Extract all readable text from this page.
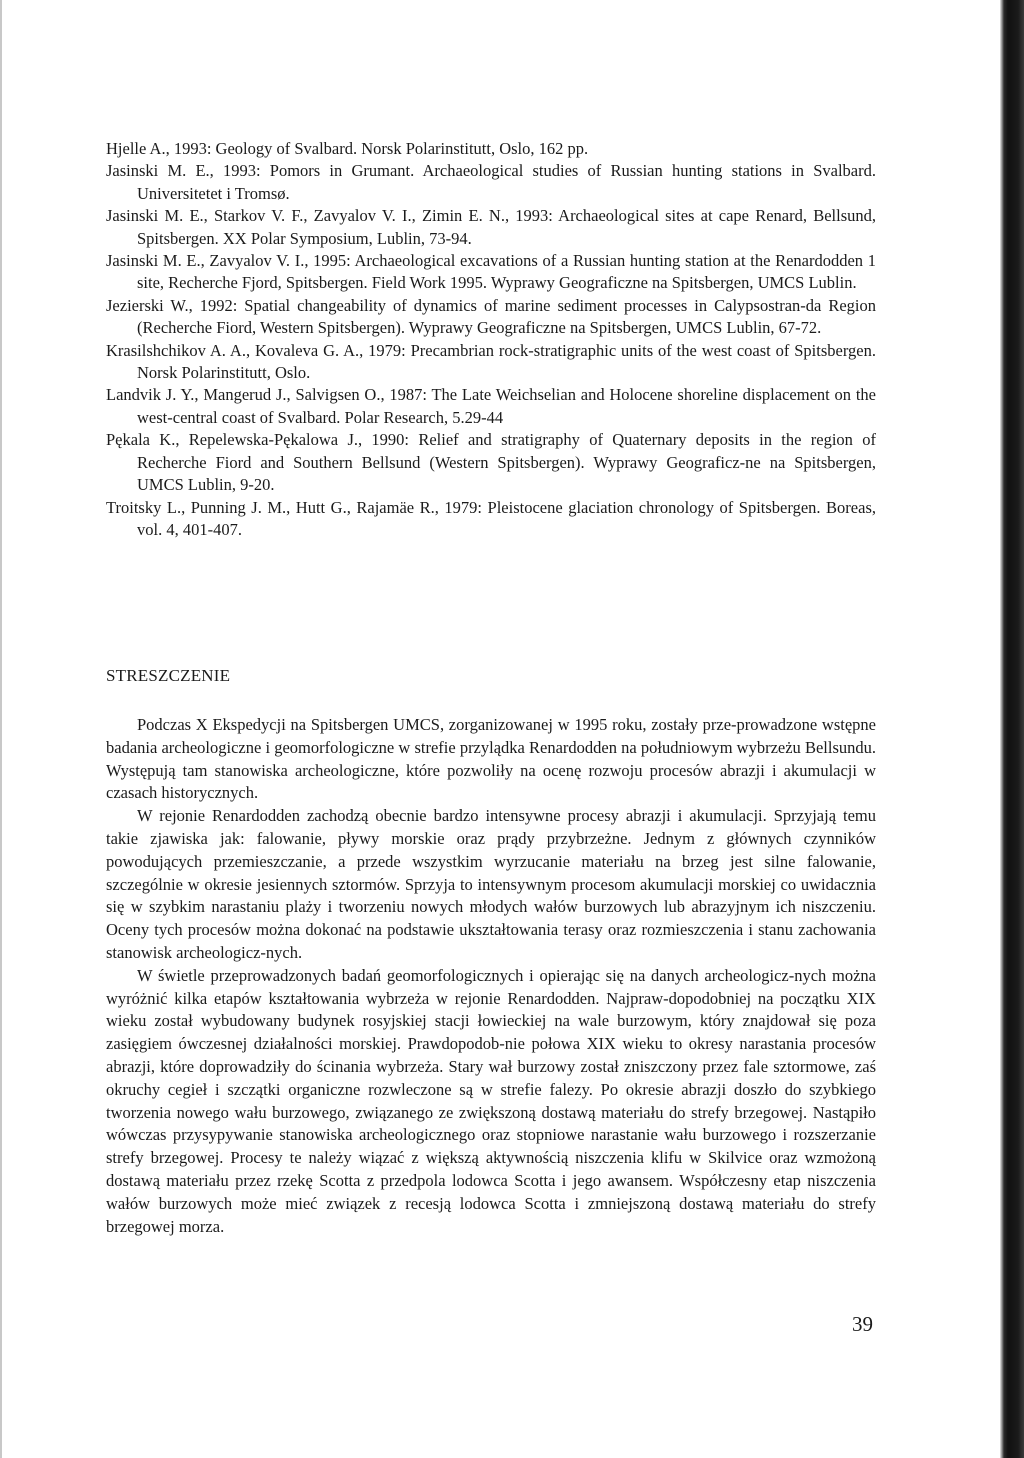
Hjelle A., 1993: Geology of Svalbard. Norsk Polarinstitutt, Oslo, 162 pp.

Jasinski M. E., 1993: Pomors in Grumant. Archaeological studies of Russian hunting stations in Svalbard. Universitetet i Tromsø.

Jasinski M. E., Starkov V. F., Zavyalov V. I., Zimin E. N., 1993: Archaeological sites at cape Renard, Bellsund, Spitsbergen. XX Polar Symposium, Lublin, 73-94.

Jasinski M. E., Zavyalov V. I., 1995: Archaeological excavations of a Russian hunting station at the Renardodden 1 site, Recherche Fjord, Spitsbergen. Field Work 1995. Wyprawy Geograficzne na Spitsbergen, UMCS Lublin.

Jezierski W., 1992: Spatial changeability of dynamics of marine sediment processes in Calypsostran-da Region (Recherche Fiord, Western Spitsbergen). Wyprawy Geograficzne na Spitsbergen, UMCS Lublin, 67-72.

Krasilshchikov A. A., Kovaleva G. A., 1979: Precambrian rock-stratigraphic units of the west coast of Spitsbergen. Norsk Polarinstitutt, Oslo.

Landvik J. Y., Mangerud J., Salvigsen O., 1987: The Late Weichselian and Holocene shoreline displacement on the west-central coast of Svalbard. Polar Research, 5.29-44

Pękala K., Repelewska-Pękalowa J., 1990: Relief and stratigraphy of Quaternary deposits in the region of Recherche Fiord and Southern Bellsund (Western Spitsbergen). Wyprawy Geograficz-ne na Spitsbergen, UMCS Lublin, 9-20.

Troitsky L., Punning J. M., Hutt G., Rajamäe R., 1979: Pleistocene glaciation chronology of Spitsbergen. Boreas, vol. 4, 401-407.

STRESZCZENIE

Podczas X Ekspedycji na Spitsbergen UMCS, zorganizowanej w 1995 roku, zostały prze-prowadzone wstępne badania archeologiczne i geomorfologiczne w strefie przylądka Renardodden na południowym wybrzeżu Bellsundu. Występują tam stanowiska archeologiczne, które pozwoliły na ocenę rozwoju procesów abrazji i akumulacji w czasach historycznych.

W rejonie Renardodden zachodzą obecnie bardzo intensywne procesy abrazji i akumulacji. Sprzyjają temu takie zjawiska jak: falowanie, pływy morskie oraz prądy przybrzeżne. Jednym z głównych czynników powodujących przemieszczanie, a przede wszystkim wyrzucanie materiału na brzeg jest silne falowanie, szczególnie w okresie jesiennych sztormów. Sprzyja to intensywnym procesom akumulacji morskiej co uwidacznia się w szybkim narastaniu plaży i tworzeniu nowych młodych wałów burzowych lub abrazyjnym ich niszczeniu. Oceny tych procesów można dokonać na podstawie ukształtowania terasy oraz rozmieszczenia i stanu zachowania stanowisk archeologicz-nych.

W świetle przeprowadzonych badań geomorfologicznych i opierając się na danych archeologicz-nych można wyróżnić kilka etapów kształtowania wybrzeża w rejonie Renardodden. Najpraw-dopodobniej na początku XIX wieku został wybudowany budynek rosyjskiej stacji łowieckiej na wale burzowym, który znajdował się poza zasięgiem ówczesnej działalności morskiej. Prawdopodob-nie połowa XIX wieku to okresy narastania procesów abrazji, które doprowadziły do ścinania wybrzeża. Stary wał burzowy został zniszczony przez fale sztormowe, zaś okruchy cegieł i szczątki organiczne rozwleczone są w strefie falezy. Po okresie abrazji doszło do szybkiego tworzenia nowego wału burzowego, związanego ze zwiększoną dostawą materiału do strefy brzegowej. Nastąpiło wówczas przysypywanie stanowiska archeologicznego oraz stopniowe narastanie wału burzowego i rozszerzanie strefy brzegowej. Procesy te należy wiązać z większą aktywnością niszczenia klifu w Skilvice oraz wzmożoną dostawą materiału przez rzekę Scotta z przedpola lodowca Scotta i jego awansem. Współczesny etap niszczenia wałów burzowych może mieć związek z recesją lodowca Scotta i zmniejszoną dostawą materiału do strefy brzegowej morza.

39
